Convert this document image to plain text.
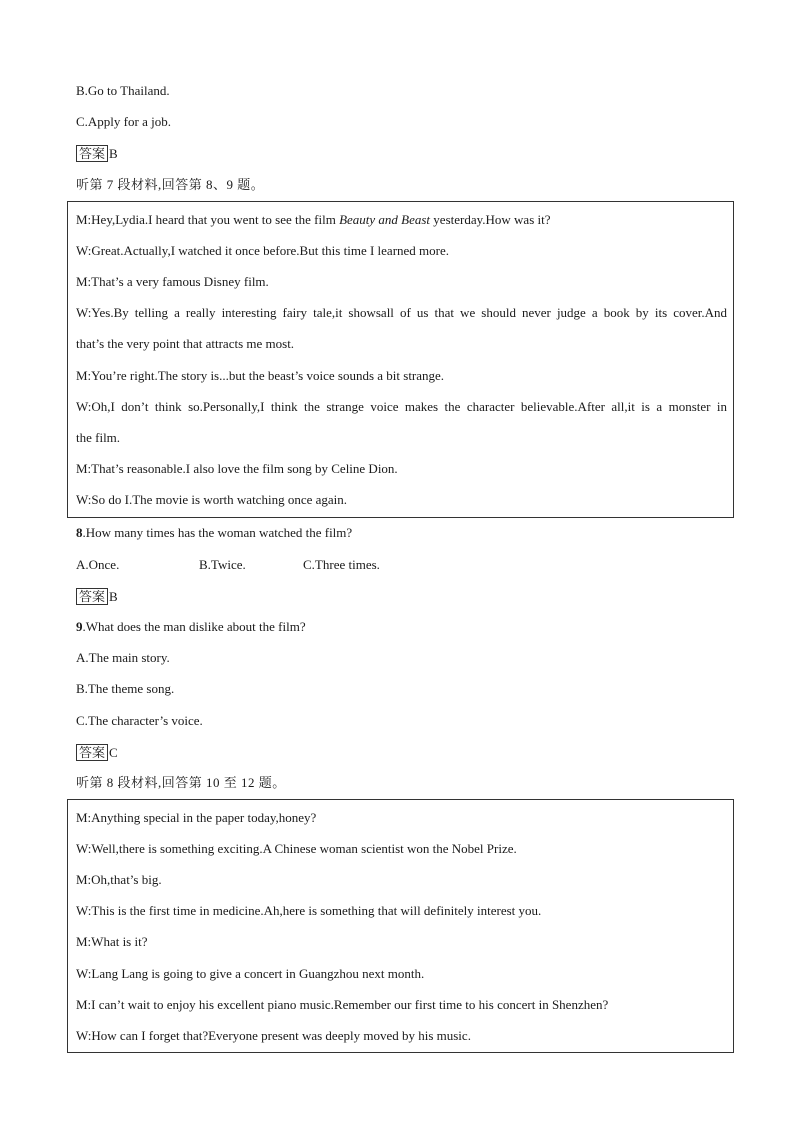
B.Go to Thailand.
C.Apply for a job.
答案 B
听第 7 段材料,回答第 8、9 题。
M:Hey,Lydia.I heard that you went to see the film Beauty and Beast yesterday.How was it?
W:Great.Actually,I watched it once before.But this time I learned more.
M:That’s a very famous Disney film.
W:Yes.By telling a really interesting fairy tale,it showsall of us that we should never judge a book by its cover.And
that’s the very point that attracts me most.
M:You’re right.The story is...but the beast’s voice sounds a bit strange.
W:Oh,I don’t think so.Personally,I think the strange voice makes the character believable.After all,it is a monster in
the film.
M:That’s reasonable.I also love the film song by Celine Dion.
W:So do I.The movie is worth watching once again.
8.How many times has the woman watched the film?
A.Once.	B.Twice.	C.Three times.
答案 B
9.What does the man dislike about the film?
A.The main story.
B.The theme song.
C.The character’s voice.
答案 C
听第 8 段材料,回答第 10 至 12 题。
M:Anything special in the paper today,honey?
W:Well,there is something exciting.A Chinese woman scientist won the Nobel Prize.
M:Oh,that’s big.
W:This is the first time in medicine.Ah,here is something that will definitely interest you.
M:What is it?
W:Lang Lang is going to give a concert in Guangzhou next month.
M:I can’t wait to enjoy his excellent piano music.Remember our first time to his concert in Shenzhen?
W:How can I forget that?Everyone present was deeply moved by his music.
